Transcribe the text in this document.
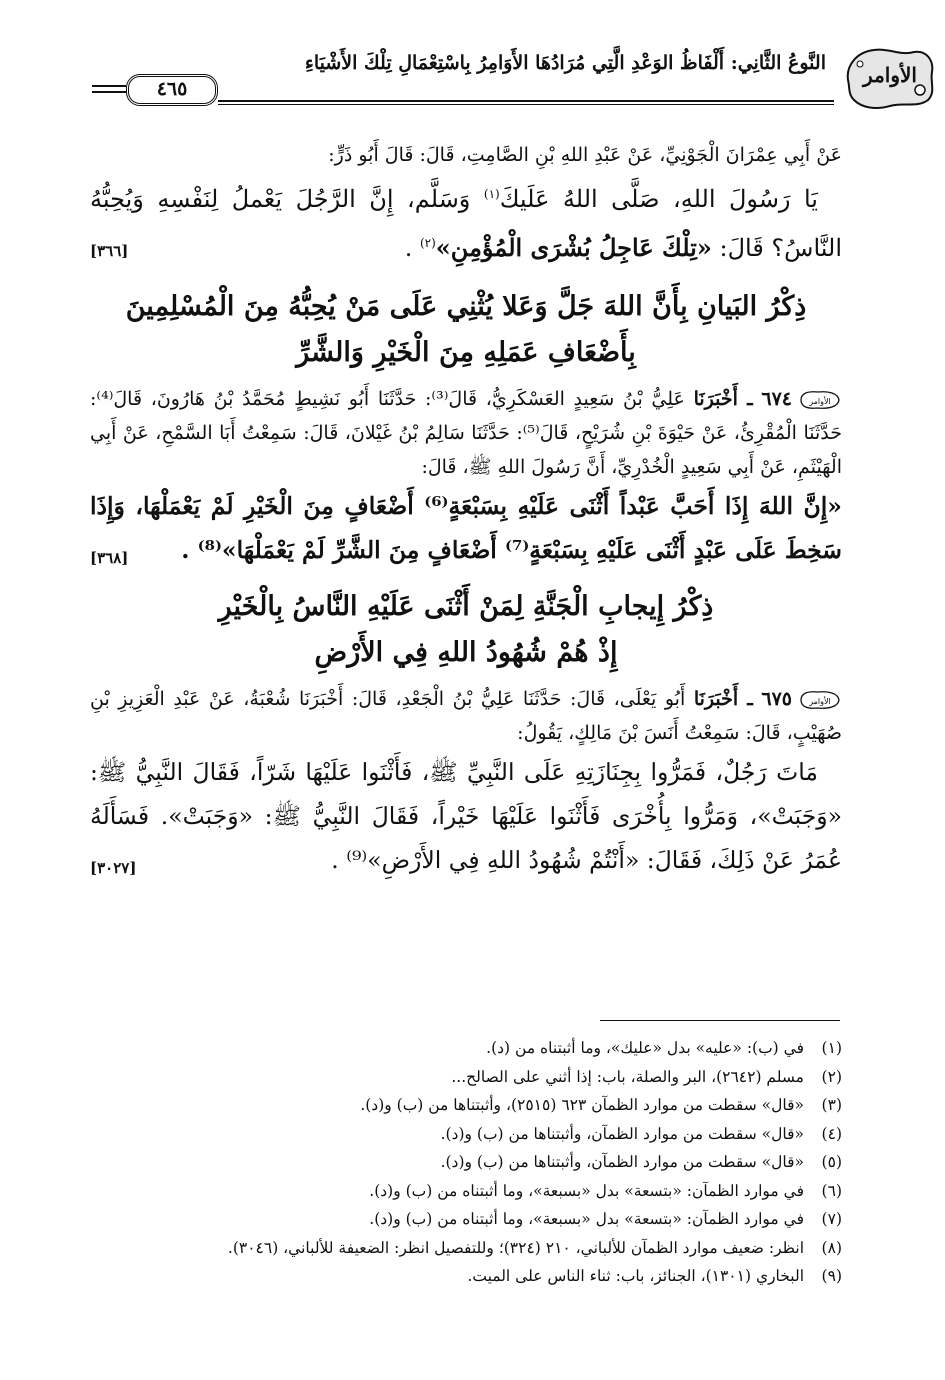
الأوامر
النَّوعُ الثَّانِي: أَلْفَاظُ الوَعْدِ الَّتِي مُرَادُهَا الأَوَامِرُ بِاسْتِعْمَالِ تِلْكَ الأَشْيَاءِ
٤٦٥

عَنْ أَبِي عِمْرَانَ الْجَوْنِيِّ، عَنْ عَبْدِ اللهِ بْنِ الصَّامِتِ، قَالَ: قَالَ أَبُو ذَرٍّ:

يَا رَسُولَ اللهِ، صَلَّى اللهُ عَلَيكَ$^{(١)}$ وَسَلَّم، إِنَّ الرَّجُلَ يَعْملُ لِنَفْسِهِ وَيُحِبُّهُ النَّاسُ؟ قَالَ: «تِلْكَ عَاجِلُ بُشْرَى الْمُؤْمِنِ»$^{(٢)}$ .
[٣٦٦]

ذِكْرُ البَيانِ بِأَنَّ اللهَ جَلَّ وَعَلا يُثْنِي عَلَى مَنْ يُحِبُّهُ مِنَ الْمُسْلِمِينَ
بِأَضْعَافِ عَمَلِهِ مِنَ الْخَيْرِ وَالشَّرِّ

الأوامر
٦٧٤ ـ أَخْبَرَنَا عَلِيُّ بْنُ سَعِيدٍ العَسْكَرِيُّ، قَالَ⁽³⁾: حَدَّثَنَا أَبُو نَشِيطٍ مُحَمَّدُ بْنُ هَارُونَ، قَالَ⁽⁴⁾: حَدَّثَنَا الْمُقْرِئُ، عَنْ حَيْوَةَ بْنِ شُرَيْحٍ، قَالَ⁽⁵⁾: حَدَّثَنَا سَالِمُ بْنُ غَيْلانَ، قَالَ: سَمِعْتُ أَبَا السَّمْحِ، عَنْ أَبِي الْهَيْثَمِ، عَنْ أَبِي سَعِيدٍ الْخُدْرِيِّ، أَنَّ رَسُولَ اللهِ ﷺ، قَالَ:

«إِنَّ اللهَ إِذَا أَحَبَّ عَبْداً أَثْنَى عَلَيْهِ بِسَبْعَةٍ⁽⁶⁾ أَضْعَافٍ مِنَ الْخَيْرِ لَمْ يَعْمَلْهَا، وَإِذَا سَخِطَ عَلَى عَبْدٍ أَثْنَى عَلَيْهِ بِسَبْعَةٍ⁽⁷⁾ أَضْعَافٍ مِنَ الشَّرِّ لَمْ يَعْمَلْهَا»⁽⁸⁾ .
[٣٦٨]

ذِكْرُ إِيجابِ الْجَنَّةِ لِمَنْ أَثْنَى عَلَيْهِ النَّاسُ بِالْخَيْرِ
إِذْ هُمْ شُهُودُ اللهِ فِي الأَرْضِ

الأوامر
٦٧٥ ـ أَخْبَرَنَا أَبُو يَعْلَى، قَالَ: حَدَّثَنَا عَلِيُّ بْنُ الْجَعْدِ، قَالَ: أَخْبَرَنَا شُعْبَةُ، عَنْ عَبْدِ الْعَزِيزِ بْنِ صُهَيْبٍ، قَالَ: سَمِعْتُ أَنَسَ بْنَ مَالِكٍ، يَقُولُ:

مَاتَ رَجُلٌ، فَمَرُّوا بِجِنَازَتِهِ عَلَى النَّبِيِّ ﷺ، فَأَثْنَوا عَلَيْهَا شَرّاً، فَقَالَ النَّبِيُّ ﷺ: «وَجَبَتْ»، وَمَرُّوا بِأُخْرَى فَأَثْنَوا عَلَيْهَا خَيْراً، فَقَالَ النَّبِيُّ ﷺ: «وَجَبَتْ». فَسَأَلَهُ عُمَرُ عَنْ ذَلِكَ، فَقَالَ: «أَنْتُمْ شُهُودُ اللهِ فِي الأَرْضِ»⁽⁹⁾ .
[٣٠٢٧]

(١)في (ب): «عليه» بدل «عليك»، وما أثبتناه من (د).
(٢)مسلم (٢٦٤٢)، البر والصلة، باب: إذا أثني على الصالح...
(٣)«قال» سقطت من موارد الظمآن ٦٢٣ (٢٥١٥)، وأثبتناها من (ب) و(د).
(٤)«قال» سقطت من موارد الظمآن، وأثبتناها من (ب) و(د).
(٥)«قال» سقطت من موارد الظمآن، وأثبتناها من (ب) و(د).
(٦)في موارد الظمآن: «بتسعة» بدل «بسبعة»، وما أثبتناه من (ب) و(د).
(٧)في موارد الظمآن: «بتسعة» بدل «بسبعة»، وما أثبتناه من (ب) و(د).
(٨)انظر: ضعيف موارد الظمآن للألباني، ٢١٠ (٣٢٤)؛ وللتفصيل انظر: الضعيفة للألباني، (٣٠٤٦).
(٩)البخاري (١٣٠١)، الجنائز، باب: ثناء الناس على الميت.
